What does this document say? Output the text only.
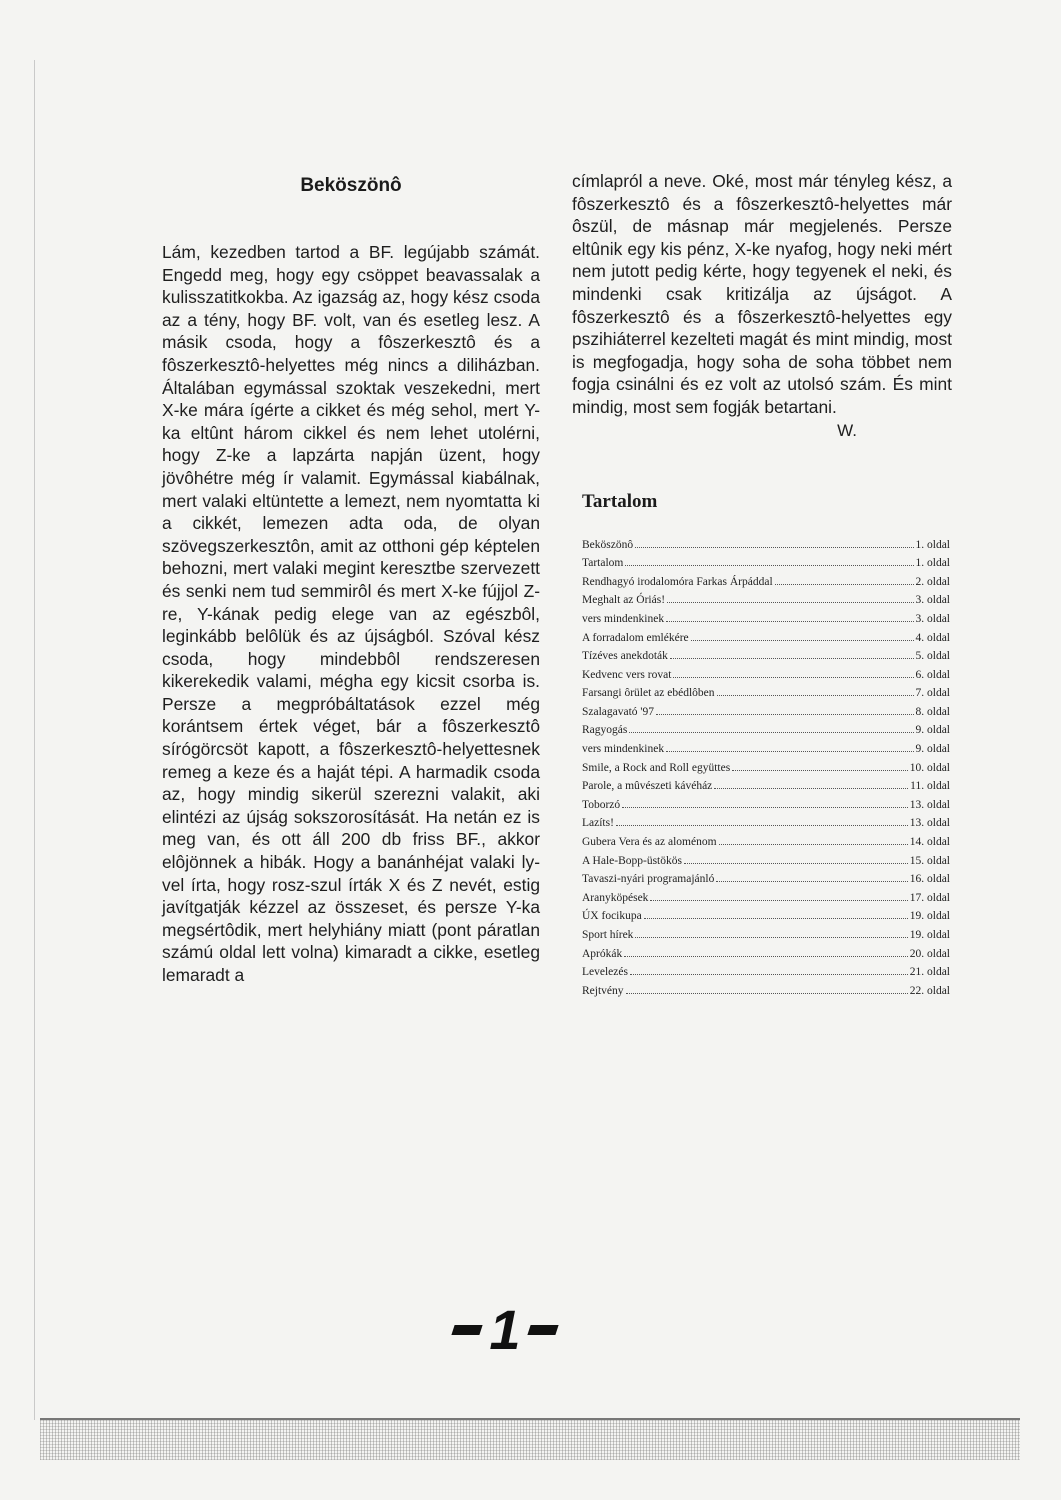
Beköszönô

Lám, kezedben tartod a BF. legújabb számát. Engedd meg, hogy egy csöppet beavassalak a kulisszatitkokba. Az igazság az, hogy kész csoda az a tény, hogy BF. volt, van és esetleg lesz. A másik csoda, hogy a fôszerkesztô és a fôszerkesztô-helyettes még nincs a diliházban. Általában egymással szoktak veszekedni, mert X-ke mára ígérte a cikket és még sehol, mert Y-ka eltûnt három cikkel és nem lehet utolérni, hogy Z-ke a lapzárta napján üzent, hogy jövôhétre még ír valamit. Egymással kiabálnak, mert valaki eltüntette a lemezt, nem nyomtatta ki a cikkét, lemezen adta oda, de olyan szövegszerkesztôn, amit az otthoni gép képtelen behozni, mert valaki megint keresztbe szervezett és senki nem tud semmirôl és mert X-ke fújjol Z-re, Y-kának pedig elege van az egészbôl, leginkább belôlük és az újságból. Szóval kész csoda, hogy mindebbôl rendszeresen kikerekedik valami, mégha egy kicsit csorba is. Persze a megpróbáltatások ezzel még korántsem értek véget, bár a fôszerkesztô sírógörcsöt kapott, a fôszerkesztô-helyettesnek remeg a keze és a haját tépi. A harmadik csoda az, hogy mindig sikerül szerezni valakit, aki elintézi az újság sokszorosítását. Ha netán ez is meg van, és ott áll 200 db friss BF., akkor elôjönnek a hibák. Hogy a banánhéjat valaki ly-vel írta, hogy rosz-szul írták X és Z nevét, estig javítgatják kézzel az összeset, és persze Y-ka megsértôdik, mert helyhiány miatt (pont páratlan számú oldal lett volna) kimaradt a cikke, esetleg lemaradt a

címlapról a neve. Oké, most már tényleg kész, a fôszerkesztô és a fôszerkesztô-helyettes már ôszül, de másnap már megjelenés. Persze eltûnik egy kis pénz, X-ke nyafog, hogy neki mért nem jutott pedig kérte, hogy tegyenek el neki, és mindenki csak kritizálja az újságot. A fôszerkesztô és a fôszerkesztô-helyettes egy pszihiáterrel kezelteti magát és mint mindig, most is megfogadja, hogy soha de soha többet nem fogja csinálni és ez volt az utolsó szám. És mint mindig, most sem fogják betartani.

W.
Tartalom
Beköszönô	1. oldal
Tartalom	1. oldal
Rendhagyó irodalomóra Farkas Árpáddal	2. oldal
Meghalt az Óriás!	3. oldal
vers mindenkinek	3. oldal
A forradalom emlékére	4. oldal
Tízéves anekdoták	5. oldal
Kedvenc vers rovat	6. oldal
Farsangi ôrület az ebédlôben	7. oldal
Szalagavató '97	8. oldal
Ragyogás	9. oldal
vers mindenkinek	9. oldal
Smile, a Rock and Roll együttes	10. oldal
Parole, a mûvészeti kávéház	11. oldal
Toborzó	13. oldal
Lazíts!	13. oldal
Gubera Vera és az aloménom	14. oldal
A Hale-Bopp-üstökös	15. oldal
Tavaszi-nyári programajánló	16. oldal
Aranyköpések	17. oldal
ÚX focikupa	19. oldal
Sport hírek	19. oldal
Aprókák	20. oldal
Levelezés	21. oldal
Rejtvény	22. oldal
1
